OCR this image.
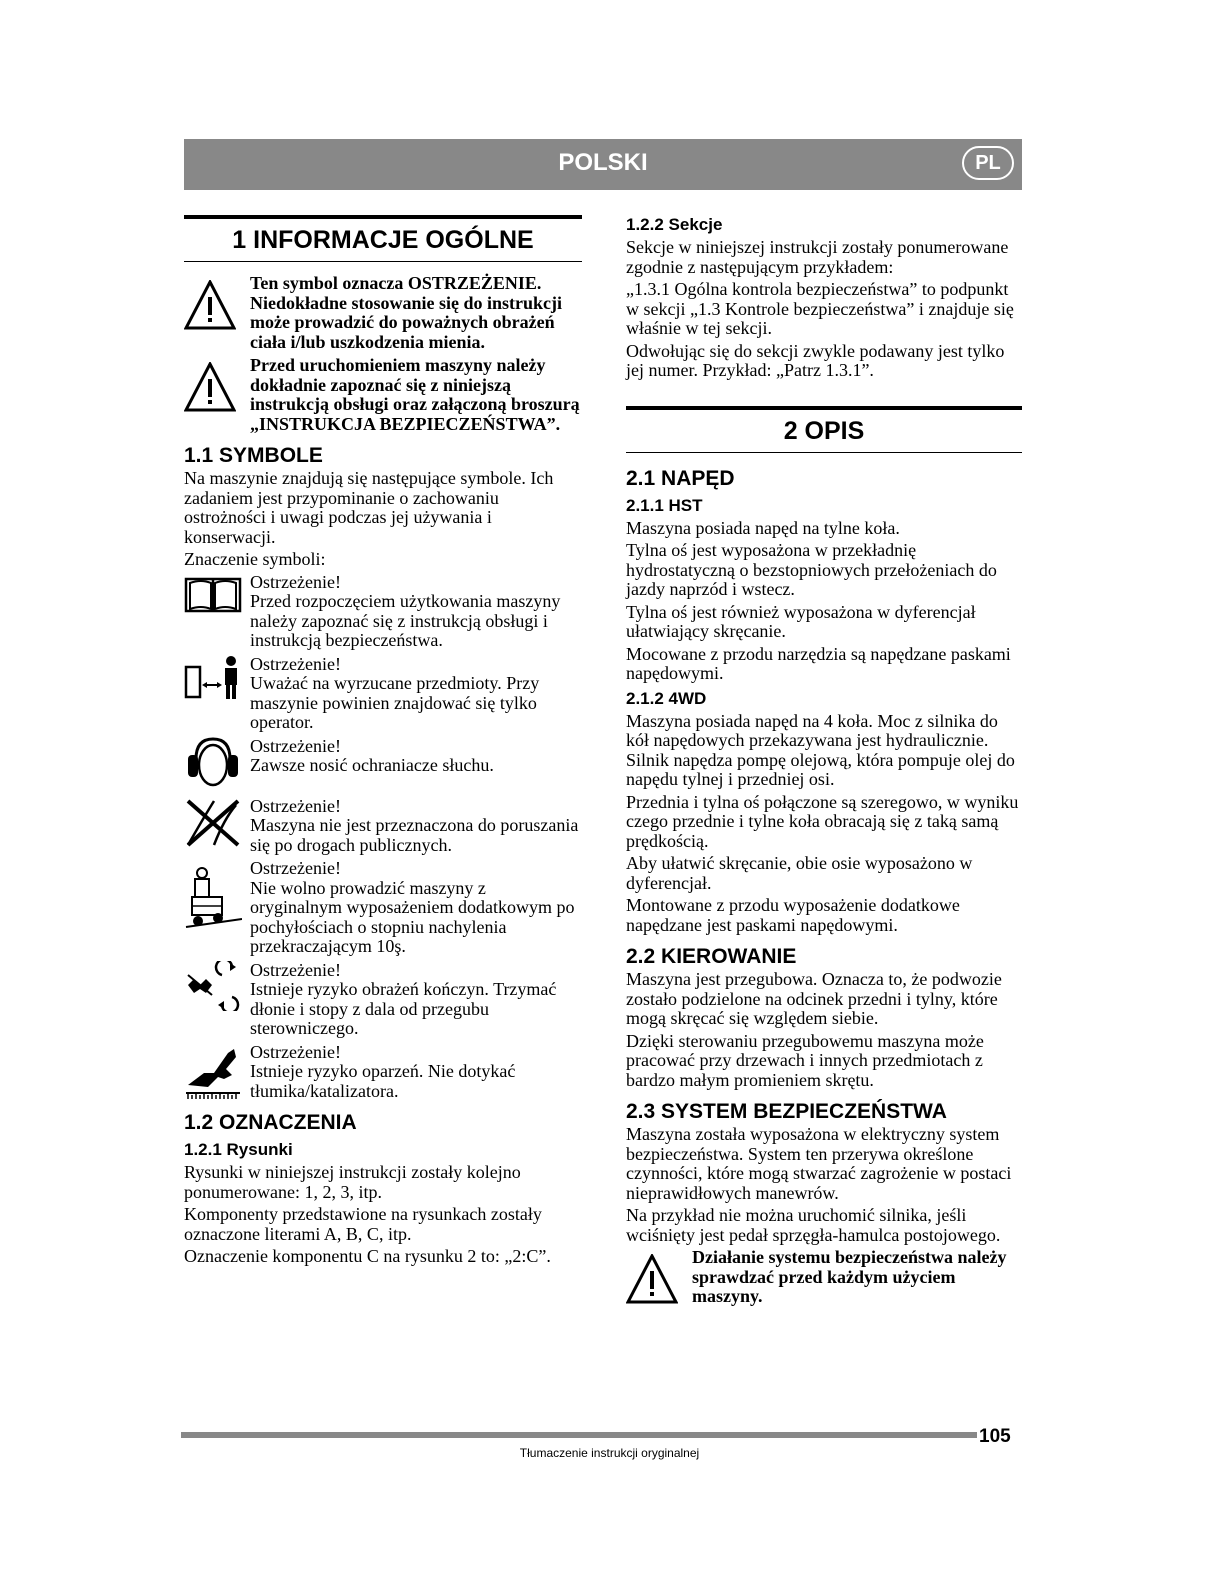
POLSKI	PL
1 INFORMACJE OGÓLNE
Ten symbol oznacza OSTRZEŻENIE. Niedokładne stosowanie się do instrukcji może prowadzić do poważnych obrażeń ciała i/lub uszkodzenia mienia.
Przed uruchomieniem maszyny należy dokładnie zapoznać się z niniejszą instrukcją obsługi oraz załączoną broszurą „INSTRUKCJA BEZPIECZEŃSTWA”.
1.1 SYMBOLE

Na maszynie znajdują się następujące symbole. Ich zadaniem jest przypominanie o zachowaniu ostrożności i uwagi podczas jej używania i konserwacji.

Znaczenie symboli:

Ostrzeżenie!

Przed rozpoczęciem użytkowania maszyny należy zapoznać się z instrukcją obsługi i instrukcją bezpieczeństwa.

Ostrzeżenie!

Uważać na wyrzucane przedmioty. Przy maszynie powinien znajdować się tylko operator.

Ostrzeżenie!

Zawsze nosić ochraniacze słuchu.

Ostrzeżenie!

Maszyna nie jest przeznaczona do poruszania się po drogach publicznych.

Ostrzeżenie!

Nie wolno prowadzić maszyny z oryginalnym wyposażeniem dodatkowym po pochyłościach o stopniu nachylenia przekraczającym 10ş.

Ostrzeżenie!

Istnieje ryzyko obrażeń kończyn. Trzymać dłonie i stopy z dala od przegubu sterowniczego.

Ostrzeżenie!

Istnieje ryzyko oparzeń. Nie dotykać tłumika/katalizatora.

1.2 OZNACZENIA
1.2.1 Rysunki

Rysunki w niniejszej instrukcji zostały kolejno ponumerowane: 1, 2, 3, itp.

Komponenty przedstawione na rysunkach zostały oznaczone literami A, B, C, itp.

Oznaczenie komponentu C na rysunku 2 to: „2:C”.

1.2.2 Sekcje

Sekcje w niniejszej instrukcji zostały ponumerowane zgodnie z następującym przykładem:

„1.3.1 Ogólna kontrola bezpieczeństwa” to podpunkt w sekcji „1.3 Kontrole bezpieczeństwa” i znajduje się właśnie w tej sekcji.

Odwołując się do sekcji zwykle podawany jest tylko jej numer. Przykład: „Patrz 1.3.1”.

2 OPIS
2.1 NAPĘD
2.1.1 HST

Maszyna posiada napęd na tylne koła.

Tylna oś jest wyposażona w przekładnię hydrostatyczną o bezstopniowych przełożeniach do jazdy naprzód i wstecz.

Tylna oś jest również wyposażona w dyferencjał ułatwiający skręcanie.

Mocowane z przodu narzędzia są napędzane paskami napędowymi.

2.1.2 4WD

Maszyna posiada napęd na 4 koła. Moc z silnika do kół napędowych przekazywana jest hydraulicznie. Silnik napędza pompę olejową, która pompuje olej do napędu tylnej i przedniej osi.

Przednia i tylna oś połączone są szeregowo, w wyniku czego przednie i tylne koła obracają się z taką samą prędkością.

Aby ułatwić skręcanie, obie osie wyposażono w dyferencjał.

Montowane z przodu wyposażenie dodatkowe napędzane jest paskami napędowymi.

2.2 KIEROWANIE

Maszyna jest przegubowa. Oznacza to, że podwozie zostało podzielone na odcinek przedni i tylny, które mogą skręcać się względem siebie.

Dzięki sterowaniu przegubowemu maszyna może pracować przy drzewach i innych przedmiotach z bardzo małym promieniem skrętu.

2.3 SYSTEM BEZPIECZEŃSTWA

Maszyna została wyposażona w elektryczny system bezpieczeństwa. System ten przerywa określone czynności, które mogą stwarzać zagrożenie w postaci nieprawidłowych manewrów.

Na przykład nie można uruchomić silnika, jeśli wciśnięty jest pedał sprzęgła-hamulca postojowego.

Działanie systemu bezpieczeństwa należy sprawdzać przed każdym użyciem maszyny.
105
Tłumaczenie instrukcji oryginalnej
